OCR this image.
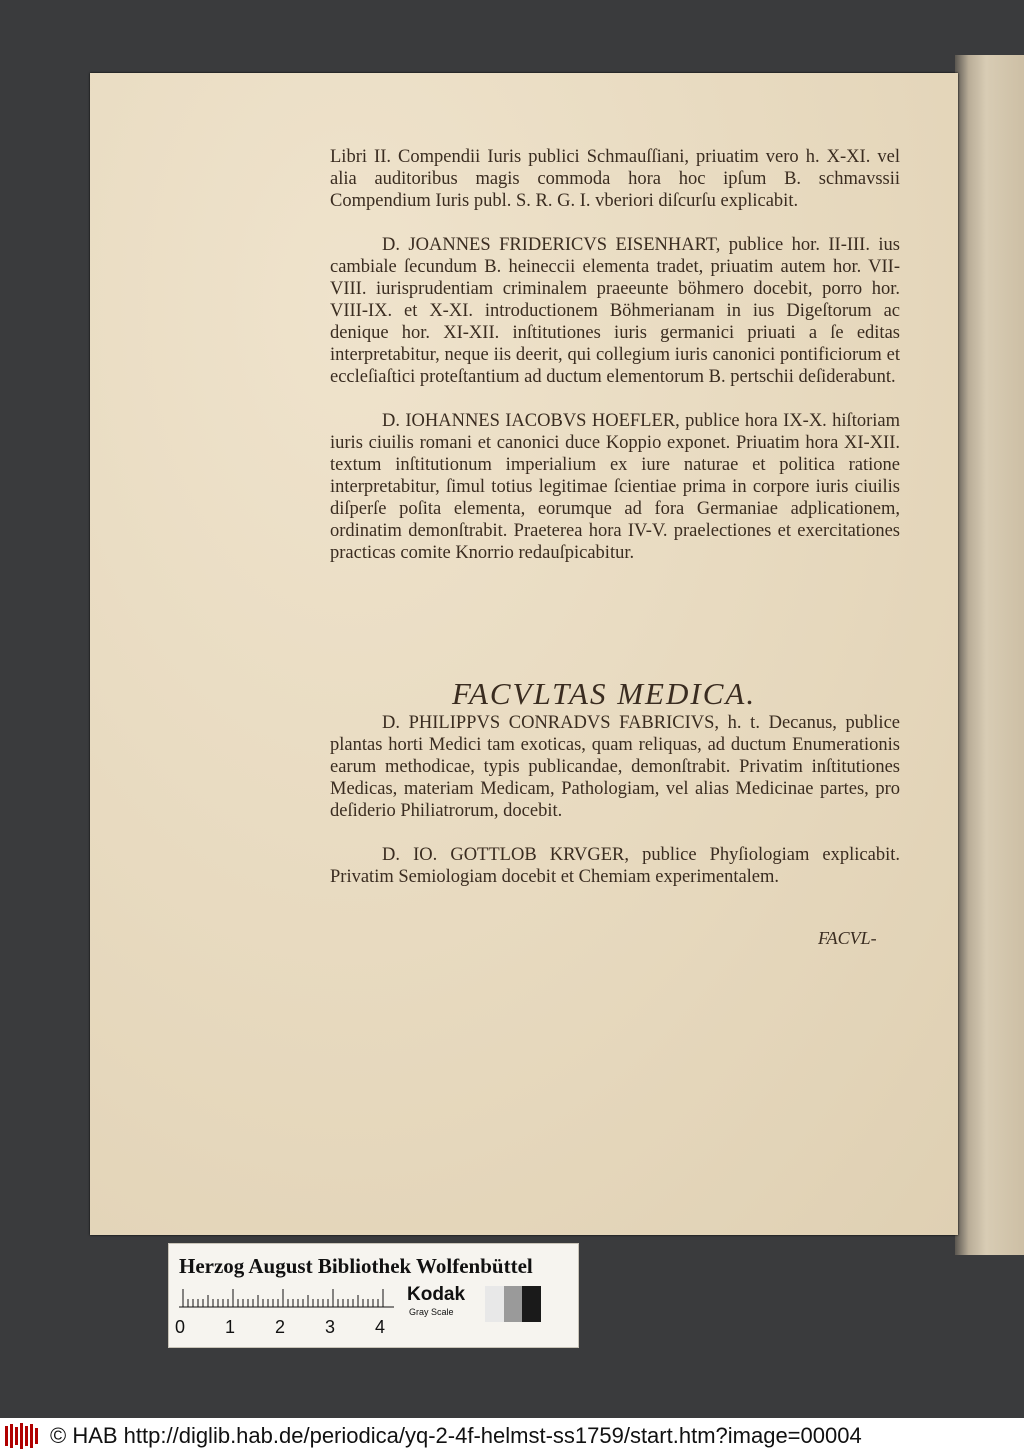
Libri II. Compendii Iuris publici Schmauſſiani, priuatim vero h. X-XI. vel alia auditoribus magis commoda hora hoc ipſum B. schmavssii Compendium Iuris publ. S. R. G. I. vberiori diſcurſu explicabit.

D. JOANNES FRIDERICVS EISENHART, publice hor. II-III. ius cambiale ſecundum B. heineccii elementa tradet, priuatim autem hor. VII-VIII. iurisprudentiam criminalem praeeunte böhmero docebit, porro hor. VIII-IX. et X-XI. introductionem Böhmerianam in ius Digeſtorum ac denique hor. XI-XII. inſtitutiones iuris germanici priuati a ſe editas interpretabitur, neque iis deerit, qui collegium iuris canonici pontificiorum et eccleſiaſtici proteſtantium ad ductum elementorum B. pertschii deſiderabunt.

D. IOHANNES IACOBVS HOEFLER, publice hora IX-X. hiſtoriam iuris ciuilis romani et canonici duce Koppio exponet. Priuatim hora XI-XII. textum inſtitutionum imperialium ex iure naturae et politica ratione interpretabitur, ſimul totius legitimae ſcientiae prima in corpore iuris ciuilis diſperſe poſita elementa, eorumque ad fora Germaniae adplicationem, ordinatim demonſtrabit. Praeterea hora IV-V. praelectiones et exercitationes practicas comite Knorrio redauſpicabitur.

FACVLTAS MEDICA.

D. PHILIPPVS CONRADVS FABRICIVS, h. t. Decanus, publice plantas horti Medici tam exoticas, quam reliquas, ad ductum Enumerationis earum methodicae, typis publicandae, demonſtrabit. Privatim inſtitutiones Medicas, materiam Medicam, Pathologiam, vel alias Medicinae partes, pro deſiderio Philiatrorum, docebit.

D. IO. GOTTLOB KRVGER, publice Phyſiologiam explicabit. Privatim Semiologiam docebit et Chemiam experimentalem.

FACVL-
Herzog August Bibliothek Wolfenbüttel
0 1 2 3 4
Kodak
Gray Scale
© HAB http://diglib.hab.de/periodica/yq-2-4f-helmst-ss1759/start.htm?image=00004
